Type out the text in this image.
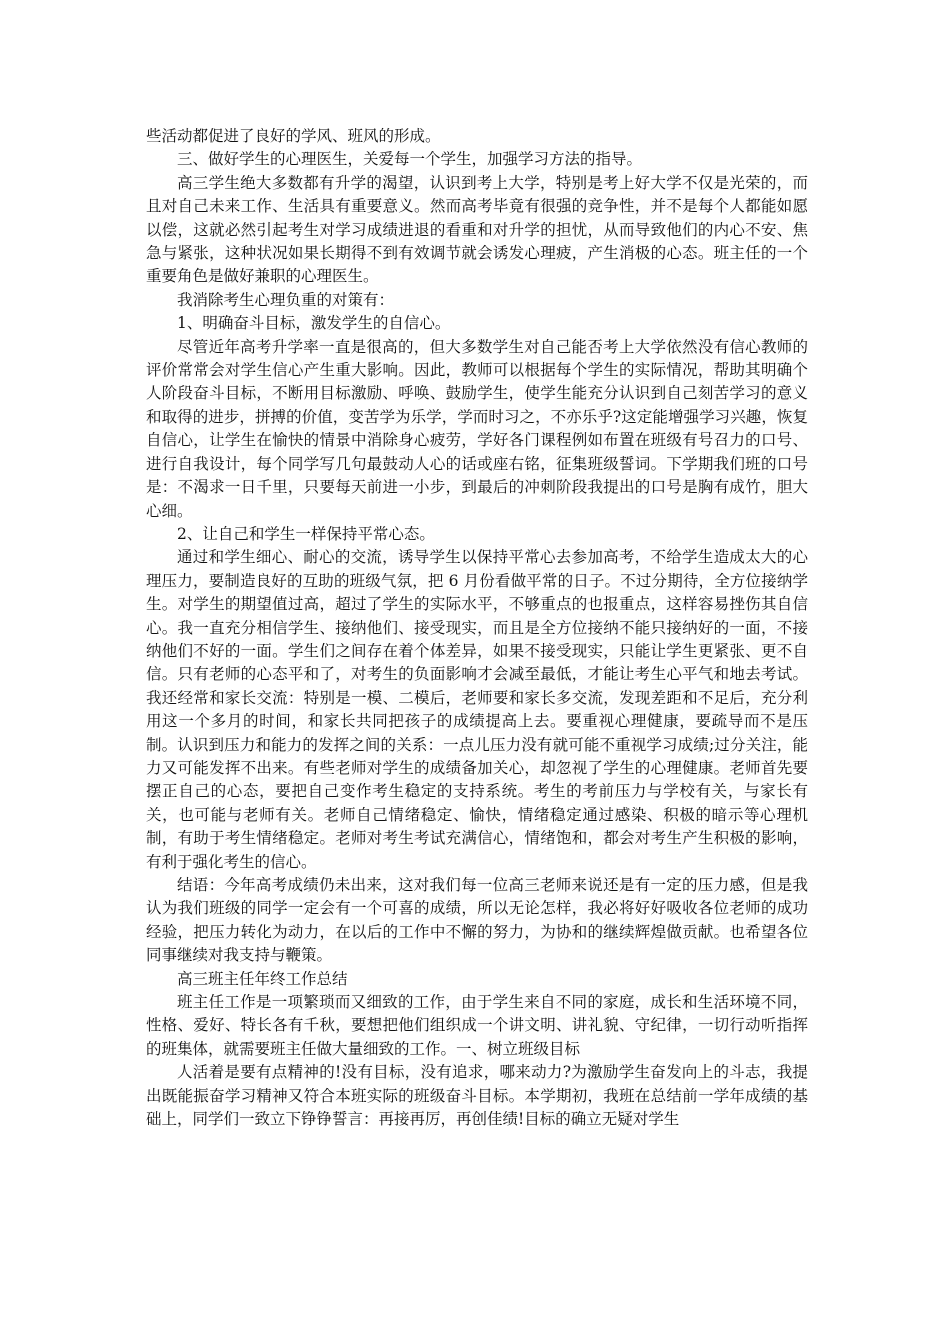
些活动都促进了良好的学风、班风的形成。

三、做好学生的心理医生，关爱每一个学生，加强学习方法的指导。

高三学生绝大多数都有升学的渴望，认识到考上大学，特别是考上好大学不仅是光荣的，而且对自己未来工作、生活具有重要意义。然而高考毕竟有很强的竞争性，并不是每个人都能如愿以偿，这就必然引起考生对学习成绩进退的看重和对升学的担忧，从而导致他们的内心不安、焦急与紧张，这种状况如果长期得不到有效调节就会诱发心理疲，产生消极的心态。班主任的一个重要角色是做好兼职的心理医生。

我消除考生心理负重的对策有：

1、明确奋斗目标，激发学生的自信心。

尽管近年高考升学率一直是很高的，但大多数学生对自己能否考上大学依然没有信心教师的评价常常会对学生信心产生重大影响。因此，教师可以根据每个学生的实际情况，帮助其明确个人阶段奋斗目标，不断用目标激励、呼唤、鼓励学生，使学生能充分认识到自己刻苦学习的意义和取得的进步，拼搏的价值，变苦学为乐学，学而时习之，不亦乐乎?这定能增强学习兴趣，恢复自信心，让学生在愉快的情景中消除身心疲劳，学好各门课程例如布置在班级有号召力的口号、进行自我设计，每个同学写几句最鼓动人心的话或座右铭，征集班级誓词。下学期我们班的口号是：不渴求一日千里，只要每天前进一小步，到最后的冲刺阶段我提出的口号是胸有成竹，胆大心细。

2、让自己和学生一样保持平常心态。

通过和学生细心、耐心的交流，诱导学生以保持平常心去参加高考，不给学生造成太大的心理压力，要制造良好的互助的班级气氛，把 6 月份看做平常的日子。不过分期待，全方位接纳学生。对学生的期望值过高，超过了学生的实际水平，不够重点的也报重点，这样容易挫伤其自信心。我一直充分相信学生、接纳他们、接受现实，而且是全方位接纳不能只接纳好的一面，不接纳他们不好的一面。学生们之间存在着个体差异，如果不接受现实，只能让学生更紧张、更不自信。只有老师的心态平和了，对考生的负面影响才会减至最低，才能让考生心平气和地去考试。我还经常和家长交流：特别是一模、二模后，老师要和家长多交流，发现差距和不足后，充分利用这一个多月的时间，和家长共同把孩子的成绩提高上去。要重视心理健康，要疏导而不是压制。认识到压力和能力的发挥之间的关系：一点儿压力没有就可能不重视学习成绩;过分关注，能力又可能发挥不出来。有些老师对学生的成绩备加关心，却忽视了学生的心理健康。老师首先要摆正自己的心态，要把自己变作考生稳定的支持系统。考生的考前压力与学校有关，与家长有关，也可能与老师有关。老师自己情绪稳定、愉快，情绪稳定通过感染、积极的暗示等心理机制，有助于考生情绪稳定。老师对考生考试充满信心，情绪饱和，都会对考生产生积极的影响，有利于强化考生的信心。

结语：今年高考成绩仍未出来，这对我们每一位高三老师来说还是有一定的压力感，但是我认为我们班级的同学一定会有一个可喜的成绩，所以无论怎样，我必将好好吸收各位老师的成功经验，把压力转化为动力，在以后的工作中不懈的努力，为协和的继续辉煌做贡献。也希望各位同事继续对我支持与鞭策。

高三班主任年终工作总结

班主任工作是一项繁琐而又细致的工作，由于学生来自不同的家庭，成长和生活环境不同，性格、爱好、特长各有千秋，要想把他们组织成一个讲文明、讲礼貌、守纪律，一切行动听指挥的班集体，就需要班主任做大量细致的工作。一、树立班级目标

人活着是要有点精神的!没有目标，没有追求，哪来动力?为激励学生奋发向上的斗志，我提出既能振奋学习精神又符合本班实际的班级奋斗目标。本学期初，我班在总结前一学年成绩的基础上，同学们一致立下铮铮誓言：再接再厉，再创佳绩!目标的确立无疑对学生
